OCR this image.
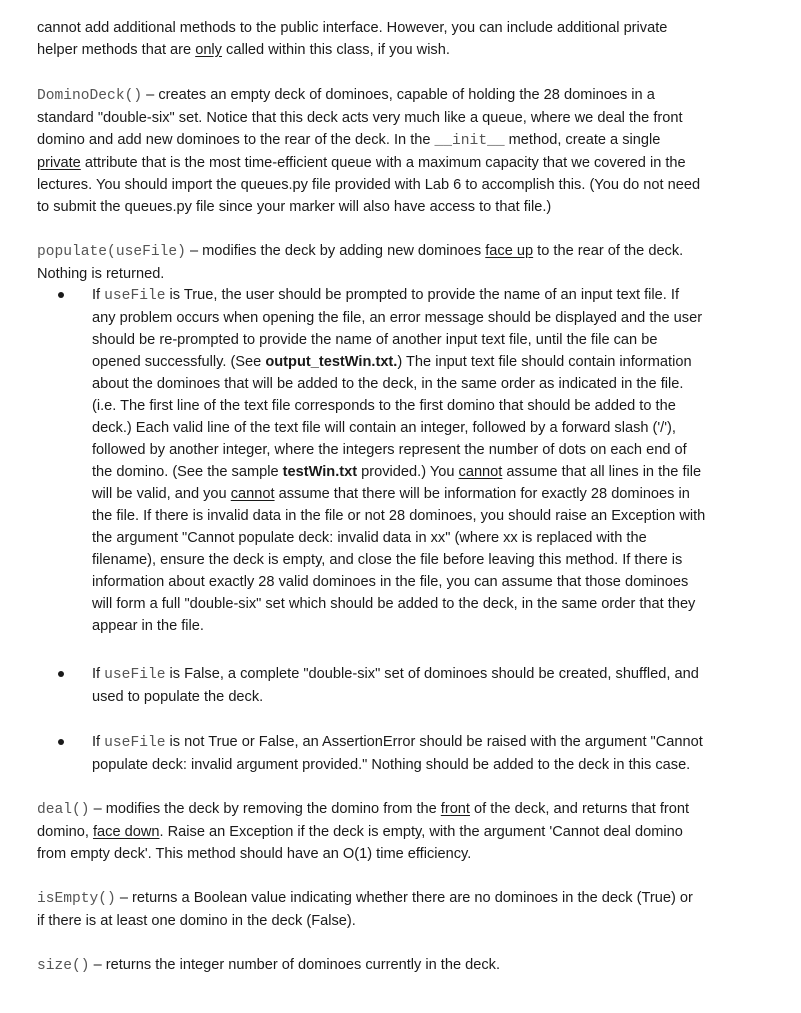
cannot add additional methods to the public interface. However, you can include additional private
helper methods that are only called within this class, if you wish.

DominoDeck() – creates an empty deck of dominoes, capable of holding the 28 dominoes in a
standard "double-six" set. Notice that this deck acts very much like a queue, where we deal the front
domino and add new dominoes to the rear of the deck. In the __init__ method, create a single
private attribute that is the most time-efficient queue with a maximum capacity that we covered in the
lectures. You should import the queues.py file provided with Lab 6 to accomplish this. (You do not need
to submit the queues.py file since your marker will also have access to that file.)

populate(useFile) – modifies the deck by adding new dominoes face up to the rear of the deck.
Nothing is returned.

If useFile is True, the user should be prompted to provide the name of an input text file. If
any problem occurs when opening the file, an error message should be displayed and the user
should be re-prompted to provide the name of another input text file, until the file can be
opened successfully. (See output_testWin.txt.) The input text file should contain information
about the dominoes that will be added to the deck, in the same order as indicated in the file.
(i.e. The first line of the text file corresponds to the first domino that should be added to the
deck.) Each valid line of the text file will contain an integer, followed by a forward slash ('/'),
followed by another integer, where the integers represent the number of dots on each end of
the domino. (See the sample testWin.txt provided.) You cannot assume that all lines in the file
will be valid, and you cannot assume that there will be information for exactly 28 dominoes in
the file. If there is invalid data in the file or not 28 dominoes, you should raise an Exception with
the argument "Cannot populate deck: invalid data in xx" (where xx is replaced with the
filename), ensure the deck is empty, and close the file before leaving this method. If there is
information about exactly 28 valid dominoes in the file, you can assume that those dominoes
will form a full "double-six" set which should be added to the deck, in the same order that they
appear in the file.
If useFile is False, a complete "double-six" set of dominoes should be created, shuffled, and
used to populate the deck.
If useFile is not True or False, an AssertionError should be raised with the argument "Cannot
populate deck: invalid argument provided." Nothing should be added to the deck in this case.

deal() – modifies the deck by removing the domino from the front of the deck, and returns that front
domino, face down. Raise an Exception if the deck is empty, with the argument 'Cannot deal domino
from empty deck'. This method should have an O(1) time efficiency.

isEmpty() – returns a Boolean value indicating whether there are no dominoes in the deck (True) or
if there is at least one domino in the deck (False).

size() – returns the integer number of dominoes currently in the deck.
